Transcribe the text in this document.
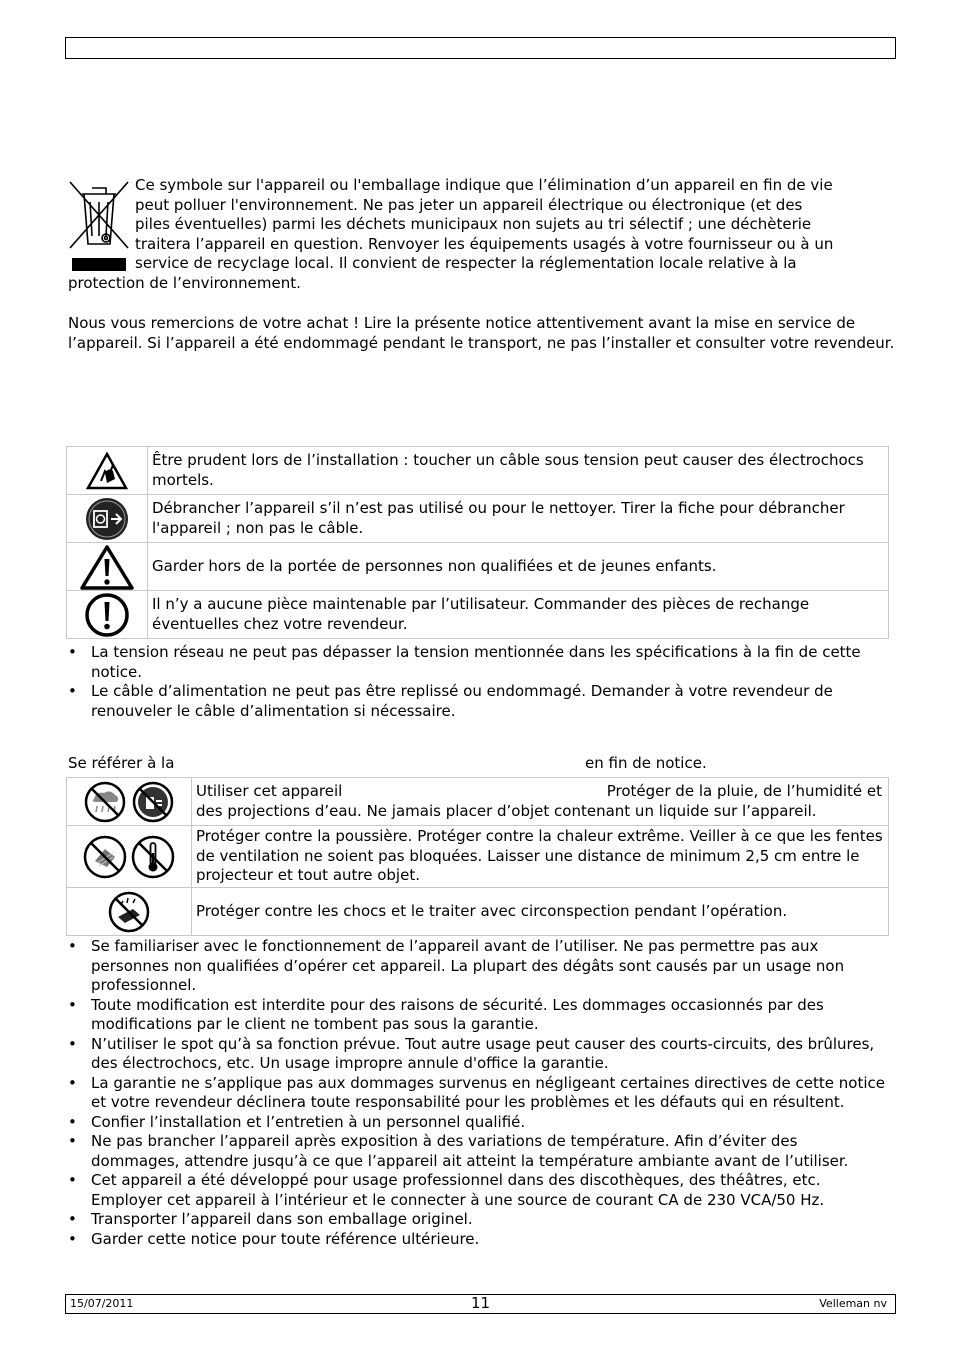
Ce symbole sur l'appareil ou l'emballage indique que l’élimination d’un appareil en fin de vie
peut polluer l'environnement. Ne pas jeter un appareil électrique ou électronique (et des
piles éventuelles) parmi les déchets municipaux non sujets au tri sélectif ; une déchèterie
traitera l’appareil en question. Renvoyer les équipements usagés à votre fournisseur ou à un
service de recyclage local. Il convient de respecter la réglementation locale relative à la
protection de l’environnement.

Nous vous remercions de votre achat ! Lire la présente notice attentivement avant la mise en service de l’appareil. Si l’appareil a été endommagé pendant le transport, ne pas l’installer et consulter votre revendeur.

	Être prudent lors de l’installation : toucher un câble sous tension peut causer des électrochocs mortels.

	Débrancher l’appareil s’il n’est pas utilisé ou pour le nettoyer. Tirer la fiche pour débrancher l'appareil ; non pas le câble.

	Garder hors de la portée de personnes non qualifiées et de jeunes enfants.

	Il n’y a aucune pièce maintenable par l’utilisateur. Commander des pièces de rechange éventuelles chez votre revendeur.
• La tension réseau ne peut pas dépasser la tension mentionnée dans les spécifications à la fin de cette notice.
• Le câble d’alimentation ne peut pas être replissé ou endommagé. Demander à votre revendeur de renouveler le câble d’alimentation si nécessaire.
Se référer à la	en fin de notice.

Utiliser cet appareil Protéger de la pluie, de l’humidité et
des projections d’eau. Ne jamais placer d’objet contenant un liquide sur l’appareil.

	Protéger contre la poussière. Protéger contre la chaleur extrême. Veiller à ce que les fentes de ventilation ne soient pas bloquées. Laisser une distance de minimum 2,5 cm entre le projecteur et tout autre objet.

	Protéger contre les chocs et le traiter avec circonspection pendant l’opération.
• Se familiariser avec le fonctionnement de l’appareil avant de l’utiliser. Ne pas permettre pas aux personnes non qualifiées d’opérer cet appareil. La plupart des dégâts sont causés par un usage non professionnel.
• Toute modification est interdite pour des raisons de sécurité. Les dommages occasionnés par des modifications par le client ne tombent pas sous la garantie.
• N’utiliser le spot qu’à sa fonction prévue. Tout autre usage peut causer des courts-circuits, des brûlures, des électrochocs, etc. Un usage impropre annule d'office la garantie.
• La garantie ne s’applique pas aux dommages survenus en négligeant certaines directives de cette notice et votre revendeur déclinera toute responsabilité pour les problèmes et les défauts qui en résultent.
• Confier l’installation et l’entretien à un personnel qualifié.
• Ne pas brancher l’appareil après exposition à des variations de température. Afin d’éviter des dommages, attendre jusqu’à ce que l’appareil ait atteint la température ambiante avant de l’utiliser.
• Cet appareil a été développé pour usage professionnel dans des discothèques, des théâtres, etc. Employer cet appareil à l’intérieur et le connecter à une source de courant CA de 230 VCA/50 Hz.
• Transporter l’appareil dans son emballage originel.
• Garder cette notice pour toute référence ultérieure.
15/07/2011	11	Velleman nv
